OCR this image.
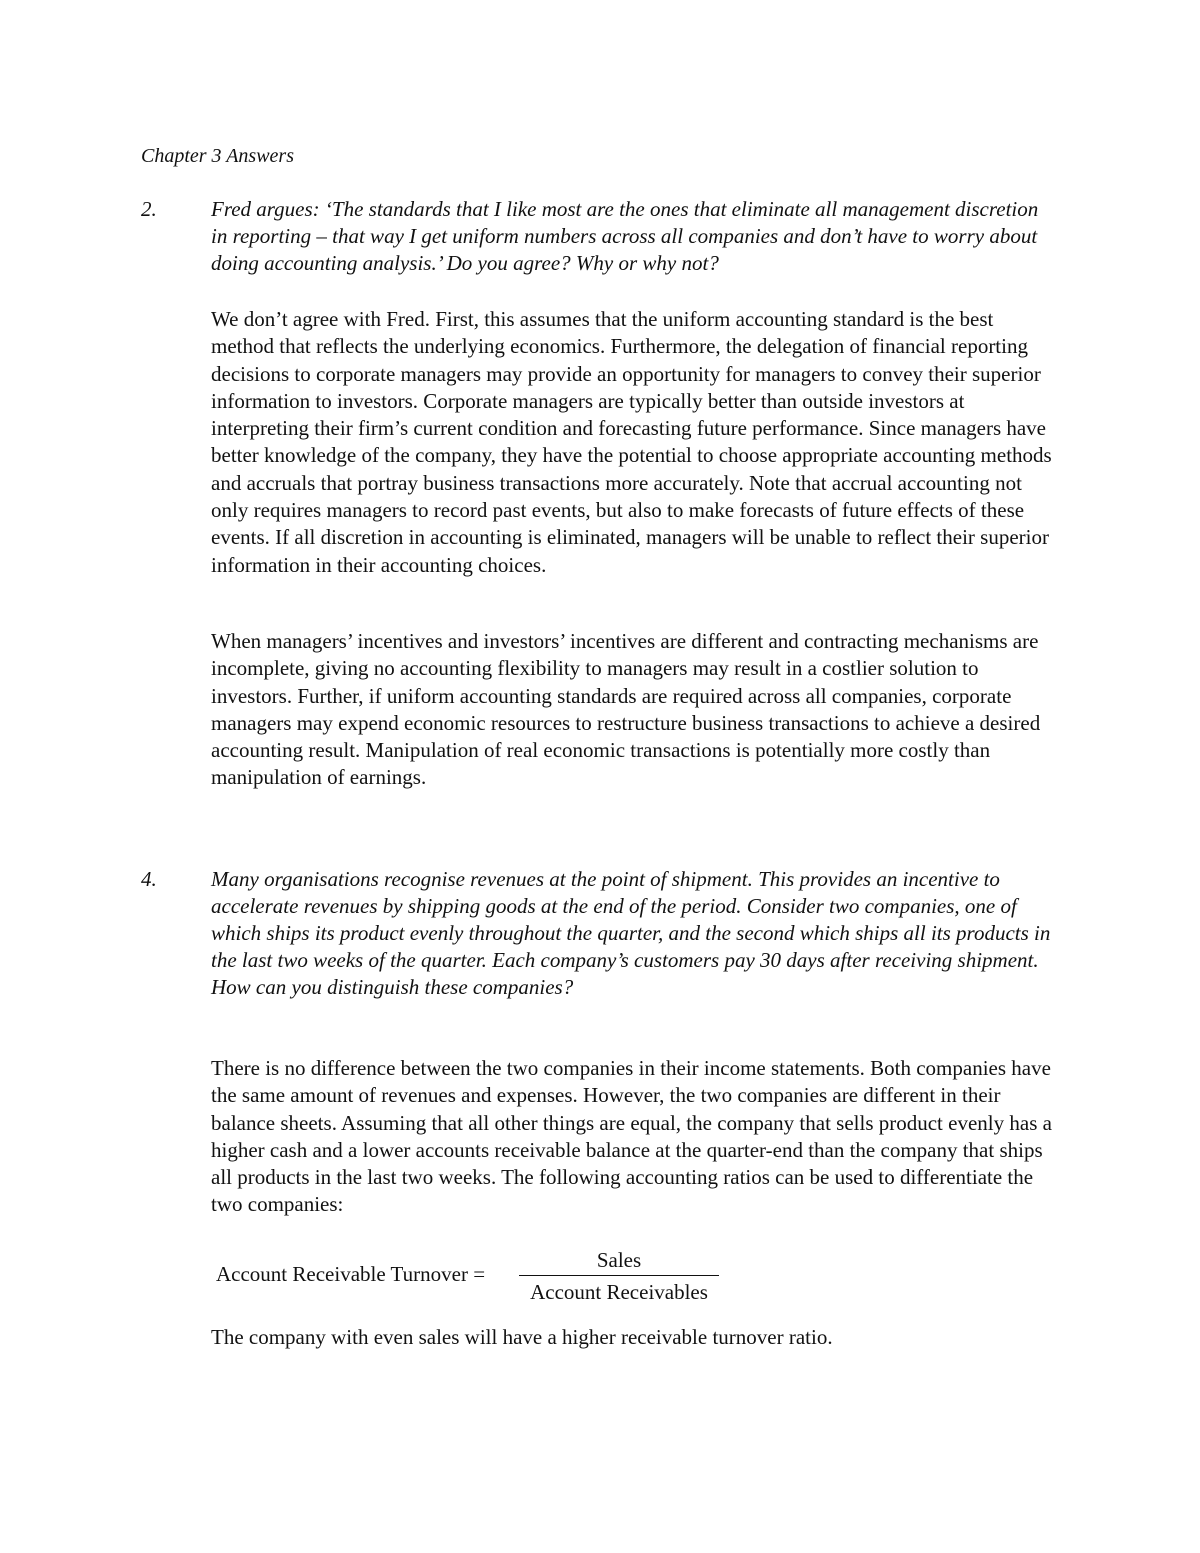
Chapter 3 Answers
2.	Fred argues: ‘The standards that I like most are the ones that eliminate all management discretion in reporting – that way I get uniform numbers across all companies and don’t have to worry about doing accounting analysis.’ Do you agree? Why or why not?

We don’t agree with Fred. First, this assumes that the uniform accounting standard is the best method that reflects the underlying economics. Furthermore, the delegation of financial reporting decisions to corporate managers may provide an opportunity for managers to convey their superior information to investors. Corporate managers are typically better than outside investors at interpreting their firm’s current condition and forecasting future performance. Since managers have better knowledge of the company, they have the potential to choose appropriate accounting methods and accruals that portray business transactions more accurately. Note that accrual accounting not only requires managers to record past events, but also to make forecasts of future effects of these events. If all discretion in accounting is eliminated, managers will be unable to reflect their superior information in their accounting choices.

When managers’ incentives and investors’ incentives are different and contracting mechanisms are incomplete, giving no accounting flexibility to managers may result in a costlier solution to investors. Further, if uniform accounting standards are required across all companies, corporate managers may expend economic resources to restructure business transactions to achieve a desired accounting result. Manipulation of real economic transactions is potentially more costly than manipulation of earnings.

4.	Many organisations recognise revenues at the point of shipment. This provides an incentive to accelerate revenues by shipping goods at the end of the period. Consider two companies, one of which ships its product evenly throughout the quarter, and the second which ships all its products in the last two weeks of the quarter. Each company’s customers pay 30 days after receiving shipment. How can you distinguish these companies?

There is no difference between the two companies in their income statements. Both companies have the same amount of revenues and expenses. However, the two companies are different in their balance sheets. Assuming that all other things are equal, the company that sells product evenly has a higher cash and a lower accounts receivable balance at the quarter-end than the company that ships all products in the last two weeks. The following accounting ratios can be used to differentiate the two companies:

Account Receivable Turnover =
Sales
Account Receivables

The company with even sales will have a higher receivable turnover ratio.
